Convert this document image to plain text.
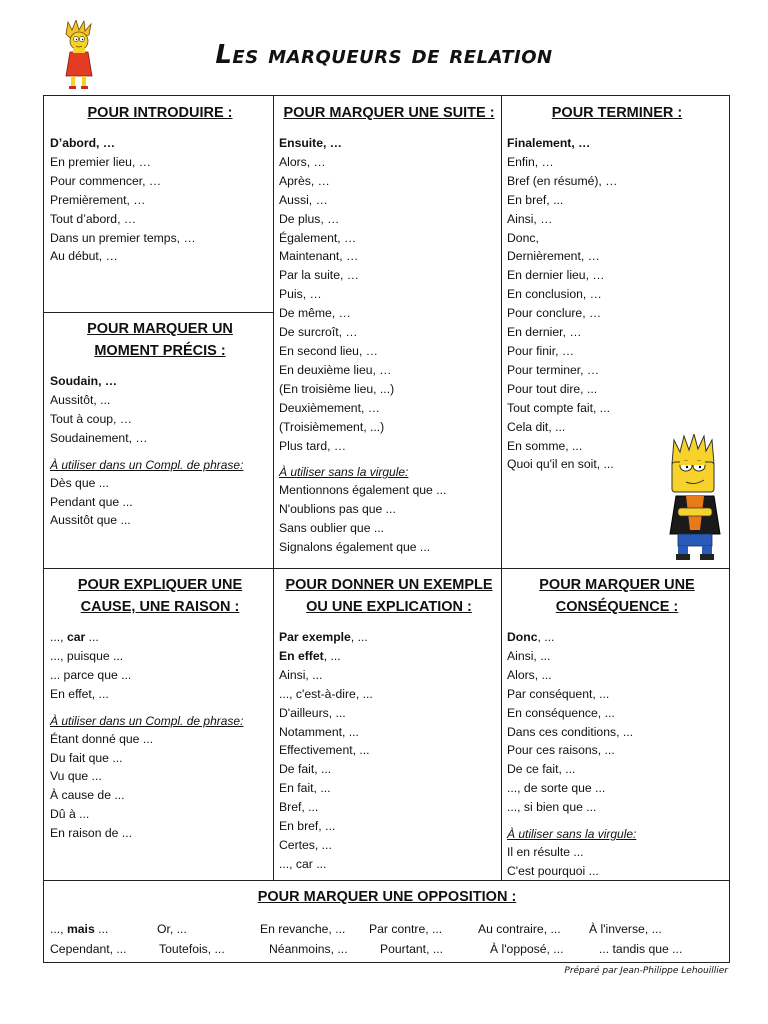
Les marqueurs de relation
POUR INTRODUIRE :
D’abord, …
En premier lieu, …
Pour commencer, …
Premièrement, …
Tout d’abord, …
Dans un premier temps, …
Au début, …
POUR MARQUER UNE SUITE :
Ensuite, …
Alors, …
Après, …
Aussi, …
De plus, …
Également, …
Maintenant, …
Par la suite, …
Puis, …
De même, …
De surcroît, …
En second lieu, …
En deuxième lieu, …
(En troisième lieu, ...)
Deuxièmement, …
(Troisièmement, ...)
Plus tard, …
À utiliser sans la virgule:
Mentionnons également que ...
N'oublions pas que ...
Sans oublier que ...
Signalons également que ...
POUR TERMINER :
Finalement, …
Enfin, …
Bref (en résumé), …
En bref, ...
Ainsi, …
Donc,
Dernièrement, …
En dernier lieu, …
En conclusion, …
Pour conclure, …
En dernier, …
Pour finir, …
Pour terminer, …
Pour tout dire, ...
Tout compte fait, ...
Cela dit, ...
En somme, ...
Quoi qu'il en soit, ...
POUR MARQUER UN
MOMENT PRÉCIS :
Soudain, …
Aussitôt, ...
Tout à coup, …
Soudainement, …
À utiliser dans un Compl. de phrase:
Dès que ...
Pendant que ...
Aussitôt que ...
POUR EXPLIQUER UNE
CAUSE, UNE RAISON :
..., car ...
..., puisque ...
... parce que ...
En effet, ...
À utiliser dans un Compl. de phrase:
Étant donné que ...
Du fait que ...
Vu que ...
À cause de ...
Dû à ...
En raison de ...
POUR DONNER UN EXEMPLE
OU UNE EXPLICATION :
Par exemple, ...
En effet, ...
Ainsi, ...
..., c'est-à-dire, ...
D'ailleurs, ...
Notamment, ...
Effectivement, ...
De fait, ...
En fait, ...
Bref, ...
En bref, ...
Certes, ...
..., car ...
POUR MARQUER UNE
CONSÉQUENCE :
Donc, ...
Ainsi, ...
Alors, ...
Par conséquent, ...
En conséquence, ...
Dans ces conditions, ...
Pour ces raisons, ...
De ce fait, ...
..., de sorte que ...
..., si bien que ...
À utiliser sans la virgule:
Il en résulte ...
C'est pourquoi ...
POUR MARQUER UNE OPPOSITION :
..., mais ...	Or, ...	En revanche, ... Par contre, ...	Au contraire, ... À l'inverse, ...
Cependant, ...	Toutefois, ...	Néanmoins, ...	Pourtant, ...	À l'opposé, ...	... tandis que ...
Préparé par Jean-Philippe Lehouillier
